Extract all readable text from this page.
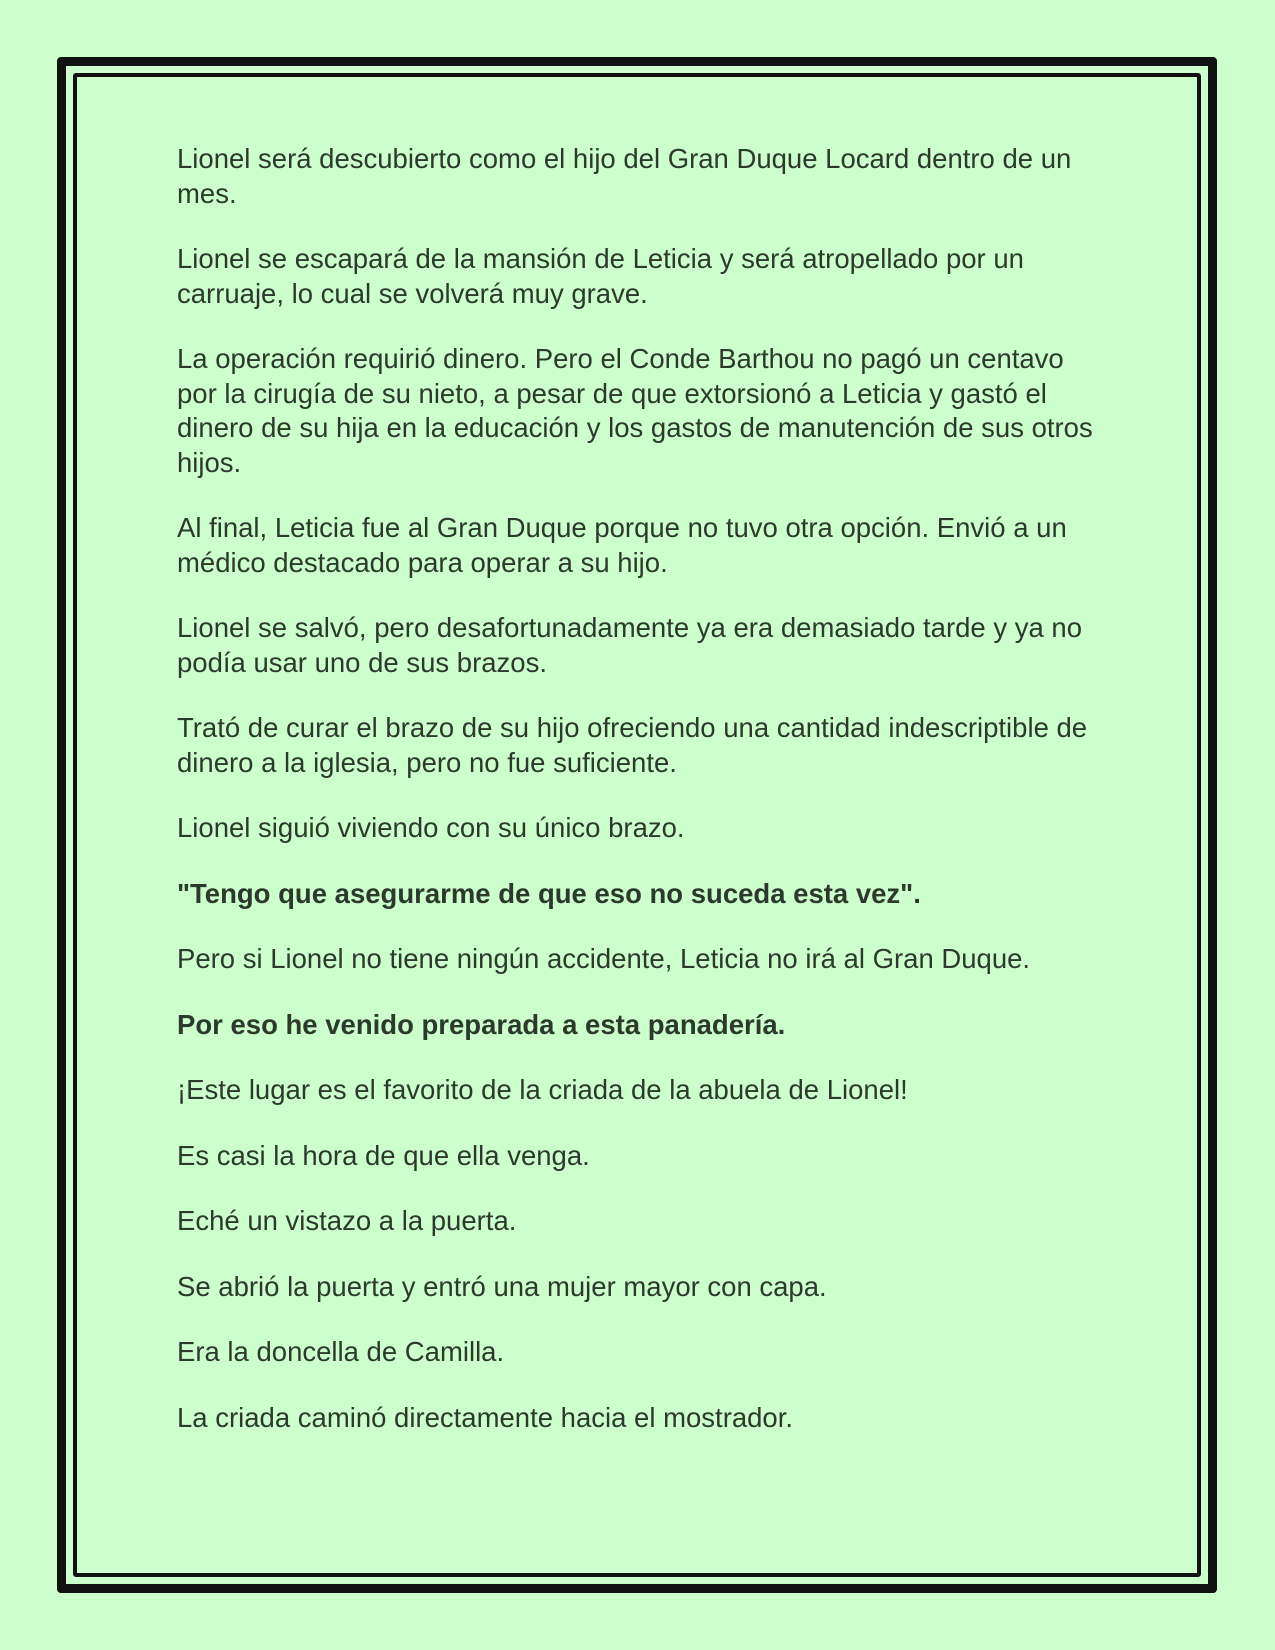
Lionel será descubierto como el hijo del Gran Duque Locard dentro de un mes.

Lionel se escapará de la mansión de Leticia y será atropellado por un carruaje, lo cual se volverá muy grave.

La operación requirió dinero. Pero el Conde Barthou no pagó un centavo por la cirugía de su nieto, a pesar de que extorsionó a Leticia y gastó el dinero de su hija en la educación y los gastos de manutención de sus otros hijos.

Al final, Leticia fue al Gran Duque porque no tuvo otra opción. Envió a un médico destacado para operar a su hijo.

Lionel se salvó, pero desafortunadamente ya era demasiado tarde y ya no podía usar uno de sus brazos.

Trató de curar el brazo de su hijo ofreciendo una cantidad indescriptible de dinero a la iglesia, pero no fue suficiente.

Lionel siguió viviendo con su único brazo.

"Tengo que asegurarme de que eso no suceda esta vez".

Pero si Lionel no tiene ningún accidente, Leticia no irá al Gran Duque.

Por eso he venido preparada a esta panadería.

¡Este lugar es el favorito de la criada de la abuela de Lionel!

Es casi la hora de que ella venga.

Eché un vistazo a la puerta.

Se abrió la puerta y entró una mujer mayor con capa.

Era la doncella de Camilla.

La criada caminó directamente hacia el mostrador.
